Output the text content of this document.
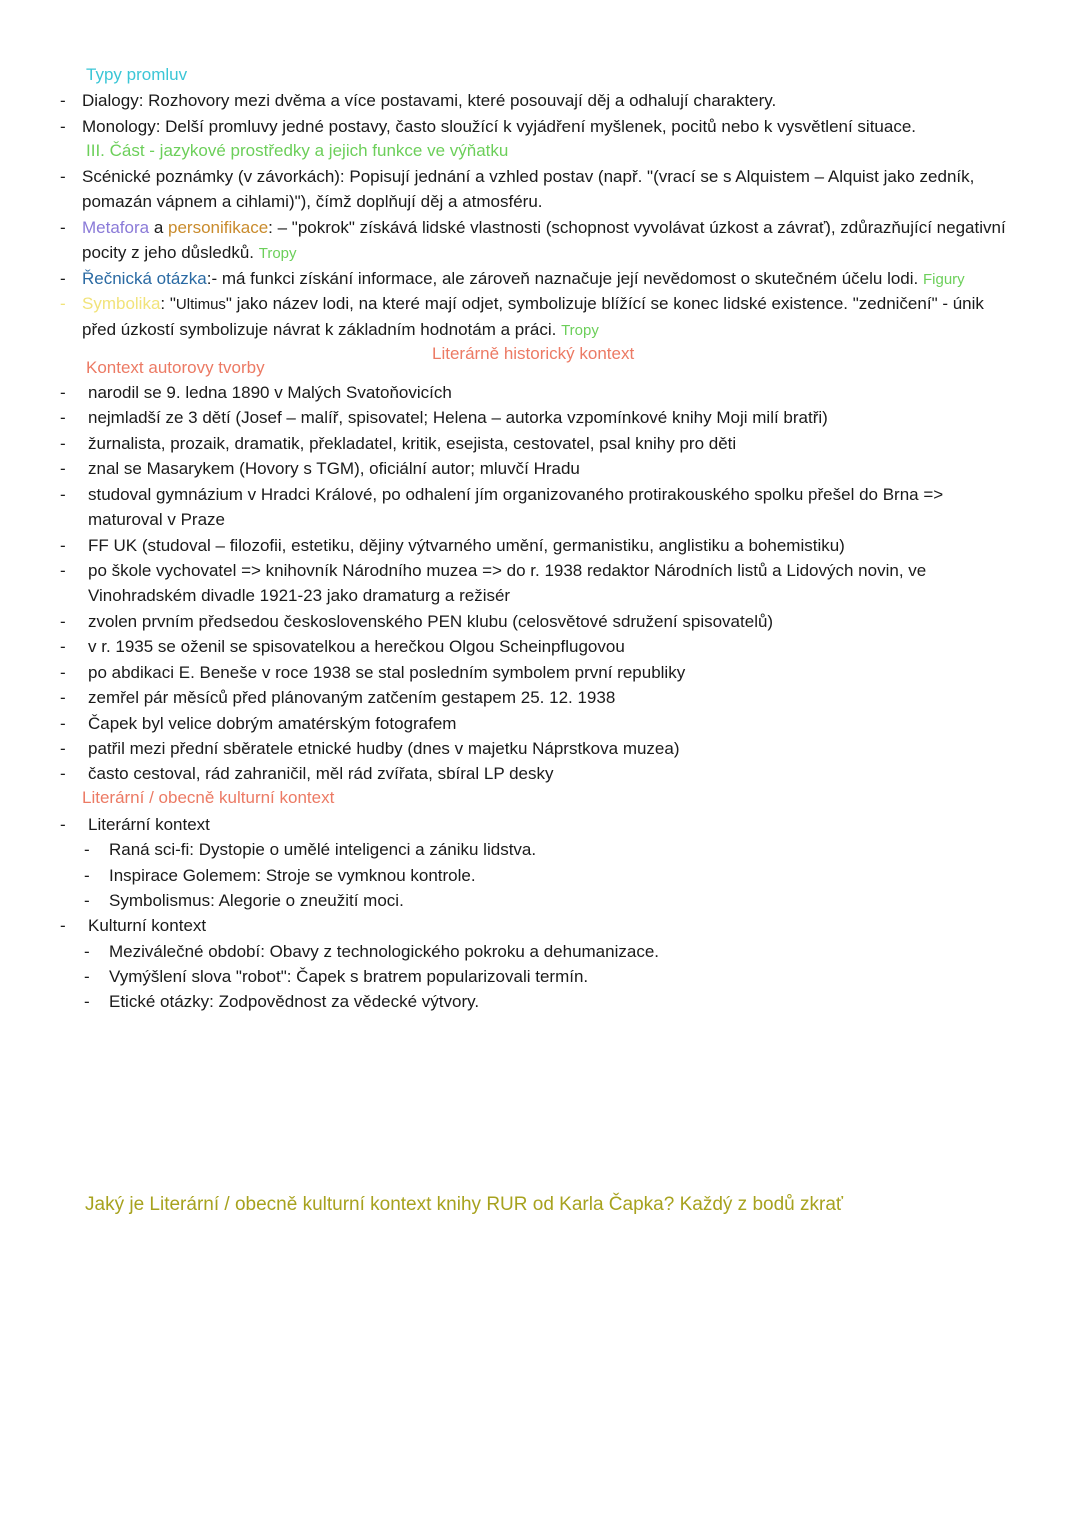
Typy promluv
- Dialogy: Rozhovory mezi dvěma a více postavami, které posouvají děj a odhalují charaktery.
- Monology: Delší promluvy jedné postavy, často sloužící k vyjádření myšlenek, pocitů nebo k vysvětlení situace.
III. Část - jazykové prostředky a jejich funkce ve výňatku
- Scénické poznámky (v závorkách): Popisují jednání a vzhled postav (např. "(vrací se s Alquistem – Alquist jako zedník, pomazán vápnem a cihlami)"), čímž doplňují děj a atmosféru.
- Metafora a personifikace: – "pokrok" získává lidské vlastnosti (schopnost vyvolávat úzkost a závrať), zdůrazňující negativní pocity z jeho důsledků. Tropy
- Řečnická otázka:- má funkci získání informace, ale zároveň naznačuje její nevědomost o skutečném účelu lodi. Figury
- Symbolika: "Ultimus" jako název lodi, na které mají odjet, symbolizuje blížící se konec lidské existence. "zedničení" - únik před úzkostí symbolizuje návrat k základním hodnotám a práci. Tropy
Literárně historický kontext
Kontext autorovy tvorby
- narodil se 9. ledna 1890 v Malých Svatoňovicích
- nejmladší ze 3 dětí (Josef – malíř, spisovatel; Helena – autorka vzpomínkové knihy Moji milí bratři)
- žurnalista, prozaik, dramatik, překladatel, kritik, esejista, cestovatel, psal knihy pro děti
- znal se Masarykem (Hovory s TGM), oficiální autor; mluvčí Hradu
- studoval gymnázium v Hradci Králové, po odhalení jím organizovaného protirakouského spolku přešel do Brna => maturoval v Praze
- FF UK (studoval – filozofii, estetiku, dějiny výtvarného umění, germanistiku, anglistiku a bohemistiku)
- po škole vychovatel => knihovník Národního muzea => do r. 1938 redaktor Národních listů a Lidových novin, ve Vinohradském divadle 1921-23 jako dramaturg a režisér
- zvolen prvním předsedou československého PEN klubu (celosvětové sdružení spisovatelů)
- v r. 1935 se oženil se spisovatelkou a herečkou Olgou Scheinpflugovou
- po abdikaci E. Beneše v roce 1938 se stal posledním symbolem první republiky
- zemřel pár měsíců před plánovaným zatčením gestapem 25. 12. 1938
- Čapek byl velice dobrým amatérským fotografem
- patřil mezi přední sběratele etnické hudby (dnes v majetku Náprstkova muzea)
- často cestoval, rád zahraničil, měl rád zvířata, sbíral LP desky
Literární / obecně kulturní kontext
- Literární kontext
- Raná sci-fi: Dystopie o umělé inteligenci a zániku lidstva.
- Inspirace Golemem: Stroje se vymknou kontrole.
- Symbolismus: Alegorie o zneužití moci.
- Kulturní kontext
- Meziválečné období: Obavy z technologického pokroku a dehumanizace.
- Vymýšlení slova "robot": Čapek s bratrem popularizovali termín.
- Etické otázky: Zodpovědnost za vědecké výtvory.
Jaký je Literární / obecně kulturní kontext knihy RUR od Karla Čapka? Každý z bodů zkrať
